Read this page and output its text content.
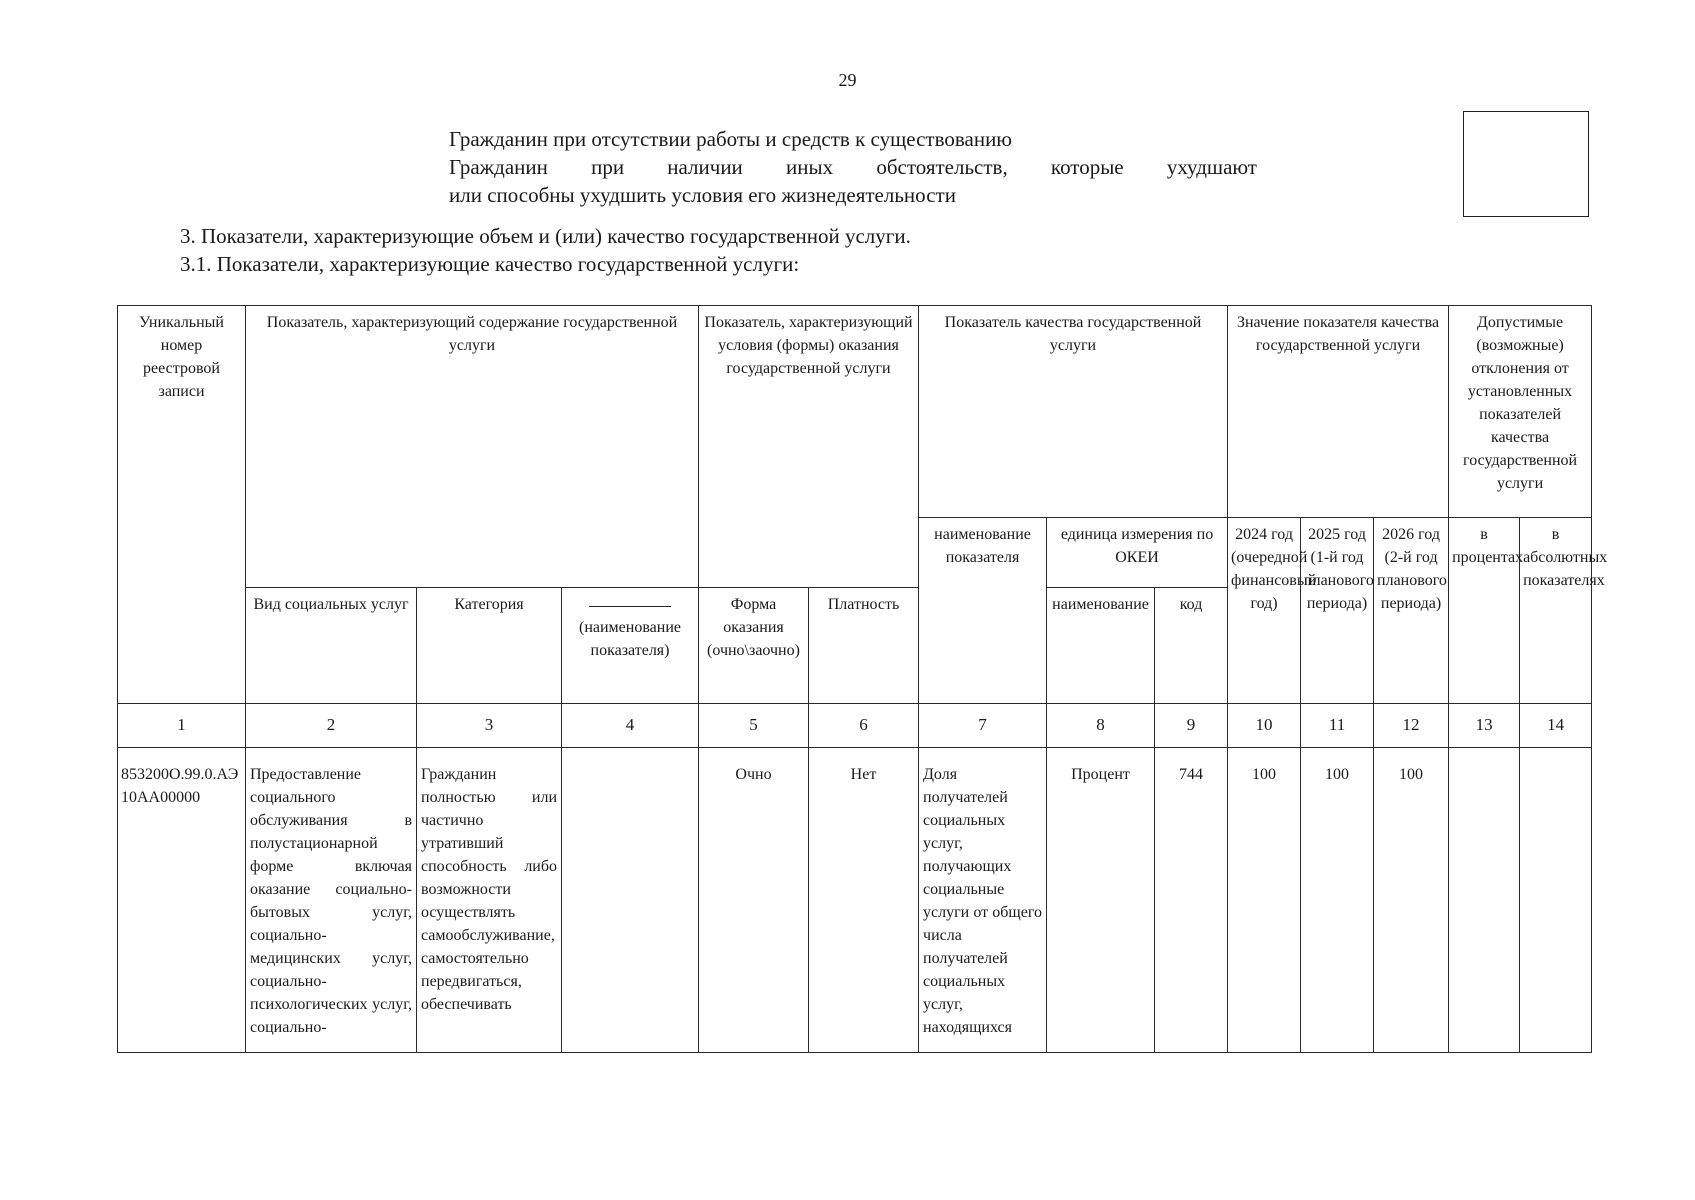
29
Гражданин при отсутствии работы и средств к существованию
Гражданин при наличии иных обстоятельств, которые ухудшают
или способны ухудшить условия его жизнедеятельности
3. Показатели, характеризующие объем и (или) качество государственной услуги.
3.1. Показатели, характеризующие качество государственной услуги:
Уникальный номер реестровой записи	Показатель, характеризующий содержание государственной услуги			Показатель, характеризующий условия (формы) оказания государственной услуги		Показатель качества государственной услуги			Значение показателя качества государственной услуги			Допустимые (возможные) отклонения от установленных показателей качества государственной услуги	
						наименование показателя	единица измерения по ОКЕИ		2024 год (очередной финансовый год)	2025 год (1-й год планового периода)	2026 год (2-й год планового периода)	в процентах	в абсолютных показателях
							наименование	код					
	Вид социальных услуг	Категория	(наименование показателя)	Форма оказания (очно\заочно)	Платность								
1	2	3	4	5	6	7	8	9	10	11	12	13	14
853200О.99.0.АЭ10АА00000	Предоставление социального обслуживания в полустационарной форме включая оказание социально-бытовых услуг, социально-медицинских услуг, социально-психологических услуг, социально-	Гражданин полностью или частично утративший способность либо возможности осуществлять самообслуживание, самостоятельно передвигаться, обеспечивать		Очно	Нет	Доля получателей социальных услуг, получающих социальные услуги от общего числа получателей социальных услуг, находящихся	Процент	744	100	100	100		
